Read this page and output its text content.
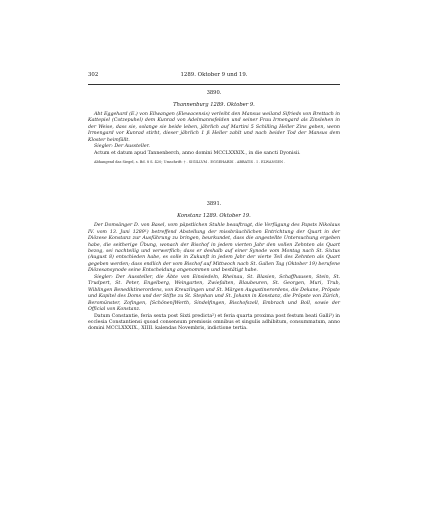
302	1289. Oktober 9 und 19.
3890.
Thannenburg 1289. Oktober 9.

Abt Eggehard (E.) von Ellwangen (Elewacensis) verleiht den Mansus weiland Sifrieds von Brettach in Kattepiel (Cotzepuhel) dem Kunrad von Adelmannsfelden und seiner Frau Irmengard als Zinslehen in der Weise, dass sie, solange sie beide leben, jährlich auf Martini 5 Schilling Heller Zins geben, wenn Irmengard vor Kunrad stirbt, dieser jährlich 1 ß Heller zahlt und nach beider Tod der Mansus dem Kloster heimfällt.

Siegler: Der Aussteller.

Actum et datum apud Tannenberch, anno domini MCCLXXXIX., in die sancti Dyonisii.

Abhangend das Siegel, s. Bd. 8 S. 420; Umschrift: † . SIGILLVM . EGGEHARDI . ABBATIS . I . ELWANGEN .

3891.
Konstanz 1289. Oktober 19.

Der Domsänger D. von Basel, vom päpstlichen Stuhle beauftragt, die Verfügung des Papsts Nikolaus IV. vom 13. Juni 1289¹) betreffend Abstellung der missbräuchlichen Entrichtung der Quart in der Diözese Konstanz zur Ausführung zu bringen, beurkundet, dass die angestellte Untersuchung ergeben habe, die seitherige Übung, wonach der Bischof in jedem vierten Jahr den vollen Zehnten als Quart bezog, sei nachteilig und verwerflich; dass er deshalb auf einer Synode vom Montag nach St. Sixtus (August 8) entschieden habe, es solle in Zukunft in jedem Jahr der vierte Teil des Zehnten als Quart gegeben werden; dass endlich der vom Bischof auf Mittwoch nach St. Gallen Tag (Oktober 19) berufene Diözesansynode seine Entscheidung angenommen und bestätigt habe.

Siegler: Der Aussteller, die Äbte von Einsiedeln, Rheinau, St. Blasien, Schaffhausen, Stein, St. Trudpert, St. Peter, Engelberg, Weingarten, Zwiefalten, Blaubeuren, St. Georgen, Muri, Trub, Wiblingen Benediktinerordens, von Kreuzlingen und St. Märgen Augustinerordens, die Dekane, Pröpste und Kapitel des Doms und der Stifte zu St. Stephan und St. Johann in Konstanz, die Pröpste von Zürich, Beromünster, Zofingen, [Schönen]Werth, Sindelfingen, Bischofszell, Embrach und Boll, sowie der Official von Konstanz.

Datum Constantie, feria sexta post Sixti predicta²) et feria quarta proxima post festum beati Galli³) in ecclesia Constantiensi quoad consensum premissis omnibus et singulis adhibitum, consummatum, anno domini MCCLXXXIX., XIIII. kalendas Novembris, indictione tertia.
